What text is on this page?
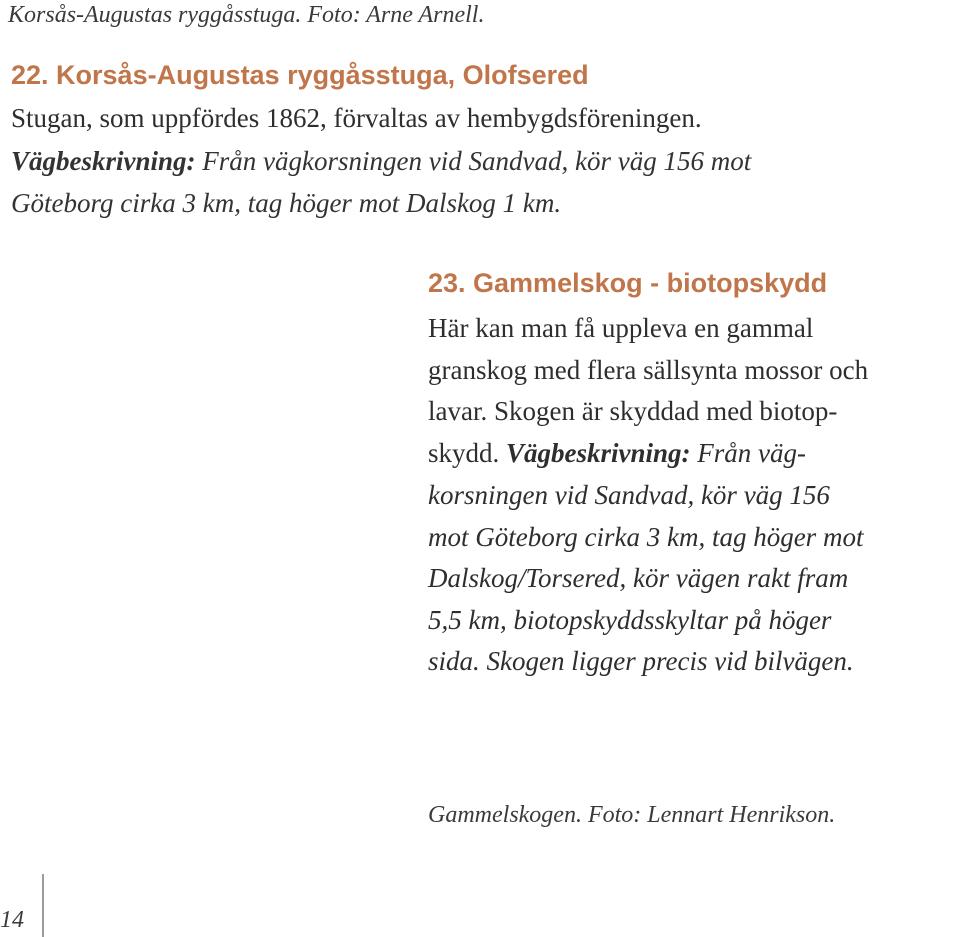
Korsås-Augustas ryggåsstuga. Foto: Arne Arnell.
22. Korsås-Augustas ryggåsstuga, Olofsered
Stugan, som uppfördes 1862, förvaltas av hembygdsföreningen.
Vägbeskrivning: Från vägkorsningen vid Sandvad, kör väg 156 mot
Göteborg cirka 3 km, tag höger mot Dalskog 1 km.
23. Gammelskog - biotopskydd
Här kan man få uppleva en gammal
granskog med flera sällsynta mossor och
lavar. Skogen är skyddad med biotop-
skydd. Vägbeskrivning: Från väg-
korsningen vid Sandvad, kör väg 156
mot Göteborg cirka 3 km, tag höger mot
Dalskog/Torsered, kör vägen rakt fram
5,5 km, biotopskyddsskyltar på höger
sida. Skogen ligger precis vid bilvägen.
Gammelskogen. Foto: Lennart Henrikson.
14
